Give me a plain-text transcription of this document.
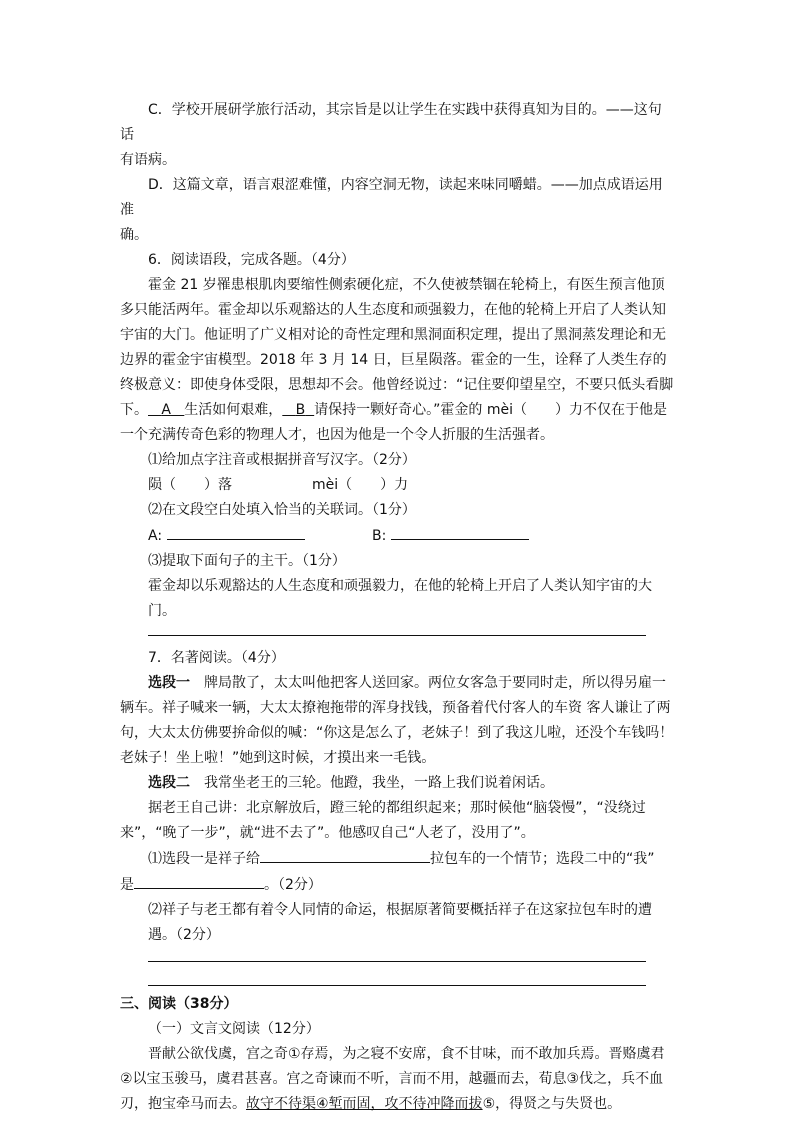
C．学校开展研学旅行活动，其宗旨是以让学生在实践中获得真知为目的。——这句话

有语病。

D．这篇文章，语言艰涩难懂，内容空洞无物，读起来味同嚼蜡。——加点成语运用准

确。

6．阅读语段，完成各题。（4分）

霍金 21 岁罹患根肌肉要缩性侧索硬化症，不久使被禁锢在轮椅上，有医生预言他顶多只能活两年。霍金却以乐观豁达的人生态度和顽强毅力，在他的轮椅上开启了人类认知宇宙的大门。他证明了广义相对论的奇性定理和黑洞面积定理，提出了黑洞蒸发理论和无边界的霍金宇宙模型。2018 年 3 月 14 日，巨星陨落。霍金的一生，诠释了人类生存的终极意义：即使身体受限，思想却不会。他曾经说过：“记住要仰望星空，不要只低头看脚下。 A 生活如何艰难， B 请保持一颗好奇心。”霍金的 mèi（　　）力不仅在于他是一个充满传奇色彩的物理人才，也因为他是一个令人折服的生活强者。

⑴给加点字注音或根据拼音写汉字。（2分）

陨（　　）落	mèi（　　）力

⑵在文段空白处填入恰当的关联词。（1分）

A:	B:

⑶提取下面句子的主干。（1分）

霍金却以乐观豁达的人生态度和顽强毅力，在他的轮椅上开启了人类认知宇宙的大门。

7．名著阅读。（4分）

选段一　牌局散了，太太叫他把客人送回家。两位女客急于要同时走，所以得另雇一辆车。祥子喊来一辆，大太太撩袍拖带的浑身找钱，预备着代付客人的车资 客人谦让了两句，大太太仿佛要拚命似的喊：“你这是怎么了，老妹子！到了我这儿啦，还没个车钱吗！老妹子！坐上啦！”她到这时候，才摸出来一毛钱。

选段二　我常坐老王的三轮。他蹬，我坐，一路上我们说着闲话。

据老王自己讲：北京解放后，蹬三轮的都组织起来；那时候他“脑袋慢”，“没绕过来”，“晚了一步”，就“进不去了”。他感叹自己“人老了，没用了”。

⑴选段一是祥子给	拉包车的一个情节；选段二中的“我”

是	。（2分）

⑵祥子与老王都有着令人同情的命运，根据原著简要概括祥子在这家拉包车时的遭遇。（2分）

三、阅读（38分）

（一）文言文阅读（12分）

晋献公欲伐虞，宫之奇①存焉，为之寝不安席，食不甘味，而不敢加兵焉。晋赂虞君②以宝玉骏马，虞君甚喜。宫之奇谏而不听，言而不用，越疆而去，荀息③伐之，兵不血刃，抱宝牵马而去。故守不待渠④堑而固，攻不待冲降而拔⑤，得贤之与失贤也。
